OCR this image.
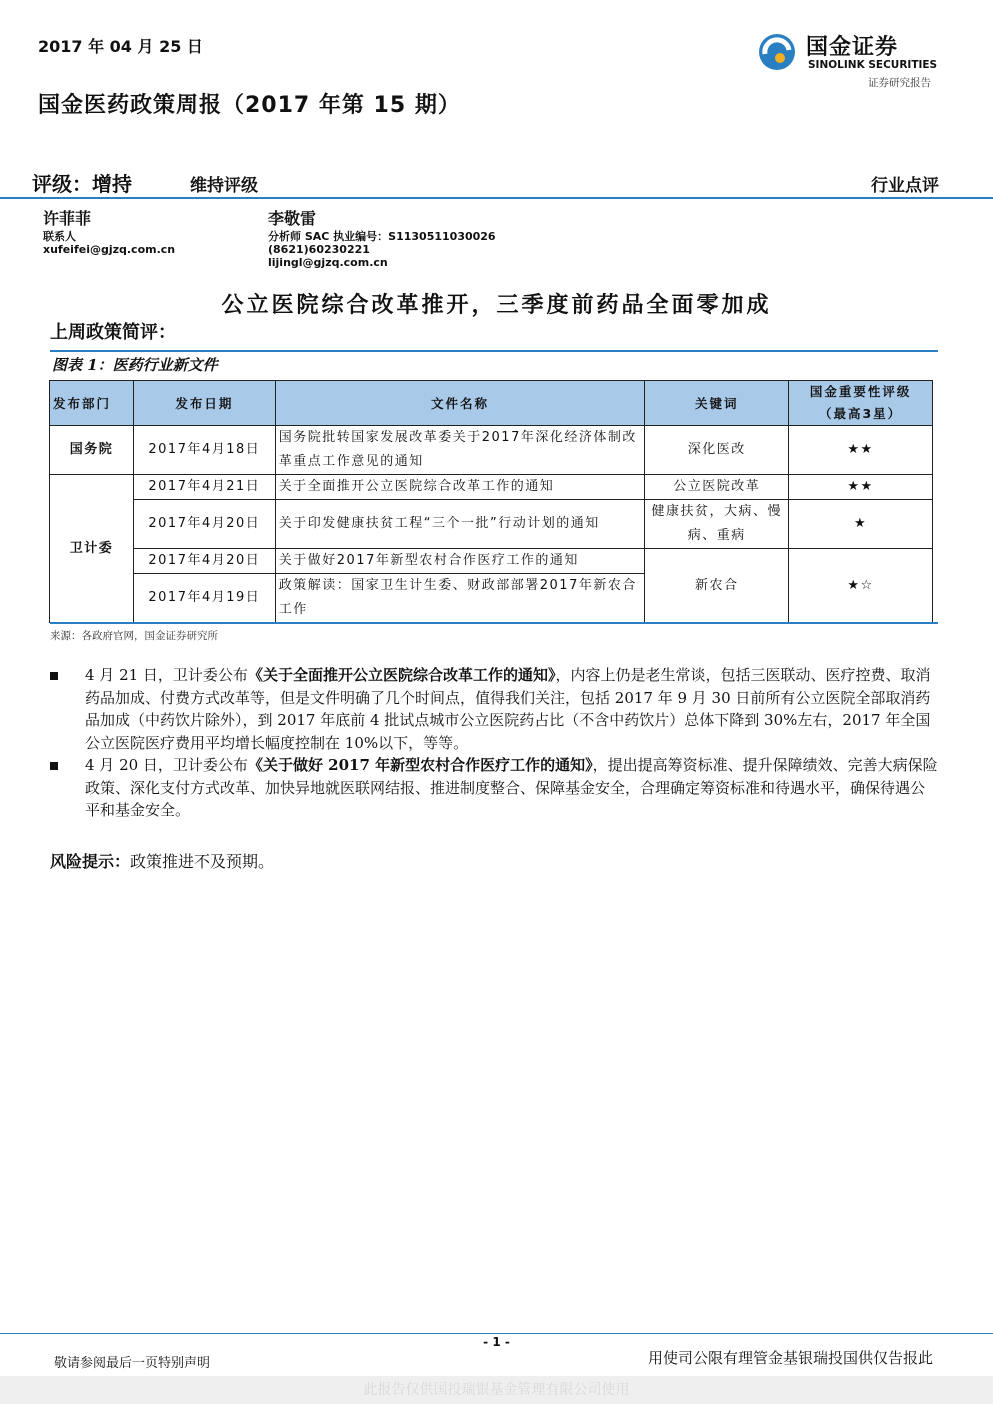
2017 年 04 月 25 日
国金医药政策周报（2017 年第 15 期）
国金证券
SINOLINK SECURITIES
证券研究报告
评级：增持	维持评级	行业点评
许菲菲
联系人
xufeifei@gjzq.com.cn
李敬雷
分析师 SAC 执业编号：S1130511030026
(8621)60230221
lijingl@gjzq.com.cn
公立医院综合改革推开，三季度前药品全面零加成
上周政策简评：
图表 1：医药行业新文件
发布部门	发布日期	文件名称	关键词	国金重要性评级
（最高3星）

国务院	2017年4月18日	国务院批转国家发展改革委关于2017年深化经济体制改革重点工作意见的通知	深化医改	★★
卫计委	2017年4月21日	关于全面推开公立医院综合改革工作的通知	公立医院改革	★★
	2017年4月20日	关于印发健康扶贫工程“三个一批”行动计划的通知	健康扶贫，大病、慢病、重病	★
	2017年4月20日	关于做好2017年新型农村合作医疗工作的通知	新农合	★☆
	2017年4月19日	政策解读：国家卫生计生委、财政部部署2017年新农合工作		
来源：各政府官网，国金证券研究所
4 月 21 日，卫计委公布《关于全面推开公立医院综合改革工作的通知》，内容上仍是老生常谈，包括三医联动、医疗控费、取消药品加成、付费方式改革等，但是文件明确了几个时间点，值得我们关注，包括 2017 年 9 月 30 日前所有公立医院全部取消药品加成（中药饮片除外），到 2017 年底前 4 批试点城市公立医院药占比（不含中药饮片）总体下降到 30%左右，2017 年全国公立医院医疗费用平均增长幅度控制在 10%以下，等等。
4 月 20 日，卫计委公布《关于做好 2017 年新型农村合作医疗工作的通知》，提出提高筹资标准、提升保障绩效、完善大病保险政策、深化支付方式改革、加快异地就医联网结报、推进制度整合、保障基金安全，合理确定筹资标准和待遇水平，确保待遇公平和基金安全。
风险提示：政策推进不及预期。
- 1 -
敬请参阅最后一页特别声明	用使司公限有理管金基银瑞投国供仅告报此
此报告仅供国投瑞银基金管理有限公司使用
